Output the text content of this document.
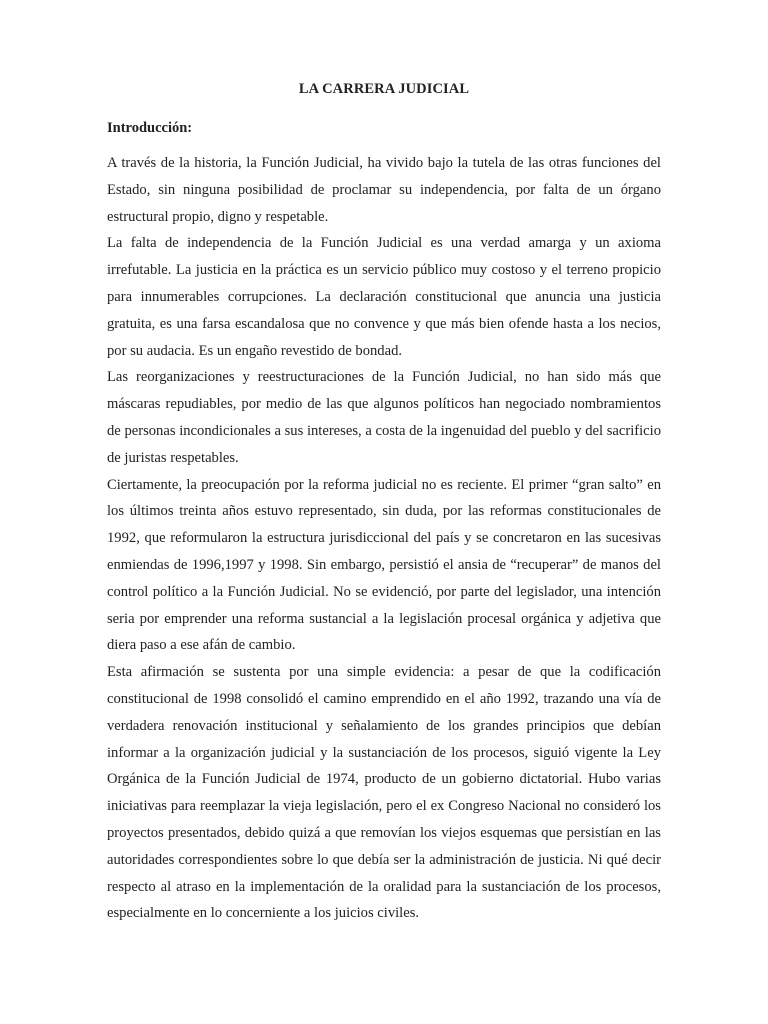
LA CARRERA JUDICIAL
Introducción:

A través de la historia, la Función Judicial, ha vivido bajo la tutela de las otras funciones del Estado, sin ninguna posibilidad de proclamar su independencia, por falta de un órgano estructural propio, digno y respetable.

La falta de independencia de la Función Judicial es una verdad amarga y un axioma irrefutable. La justicia en la práctica es un servicio público muy costoso y el terreno propicio para innumerables corrupciones. La declaración constitucional que anuncia una justicia gratuita, es una farsa escandalosa que no convence y que más bien ofende hasta a los necios, por su audacia. Es un engaño revestido de bondad.

Las reorganizaciones y reestructuraciones de la Función Judicial, no han sido más que máscaras repudiables, por medio de las que algunos políticos han negociado nombramientos de personas incondicionales a sus intereses, a costa de la ingenuidad del pueblo y del sacrificio de juristas respetables.

Ciertamente, la preocupación por la reforma judicial no es reciente. El primer “gran salto” en los últimos treinta años estuvo representado, sin duda, por las reformas constitucionales de 1992, que reformularon la estructura jurisdiccional del país y se concretaron en las sucesivas enmiendas de 1996,1997 y 1998. Sin embargo, persistió el ansia de “recuperar” de manos del control político a la Función Judicial. No se evidenció, por parte del legislador, una intención seria por emprender una reforma sustancial a la legislación procesal orgánica y adjetiva que diera paso a ese afán de cambio.

Esta afirmación se sustenta por una simple evidencia: a pesar de que la codificación constitucional de 1998 consolidó el camino emprendido en el año 1992, trazando una vía de verdadera renovación institucional y señalamiento de los grandes principios que debían informar a la organización judicial y la sustanciación de los procesos, siguió vigente la Ley Orgánica de la Función Judicial de 1974, producto de un gobierno dictatorial. Hubo varias iniciativas para reemplazar la vieja legislación, pero el ex Congreso Nacional no consideró los proyectos presentados, debido quizá a que removían los viejos esquemas que persistían en las autoridades correspondientes sobre lo que debía ser la administración de justicia. Ni qué decir respecto al atraso en la implementación de la oralidad para la sustanciación de los procesos, especialmente en lo concerniente a los juicios civiles.
